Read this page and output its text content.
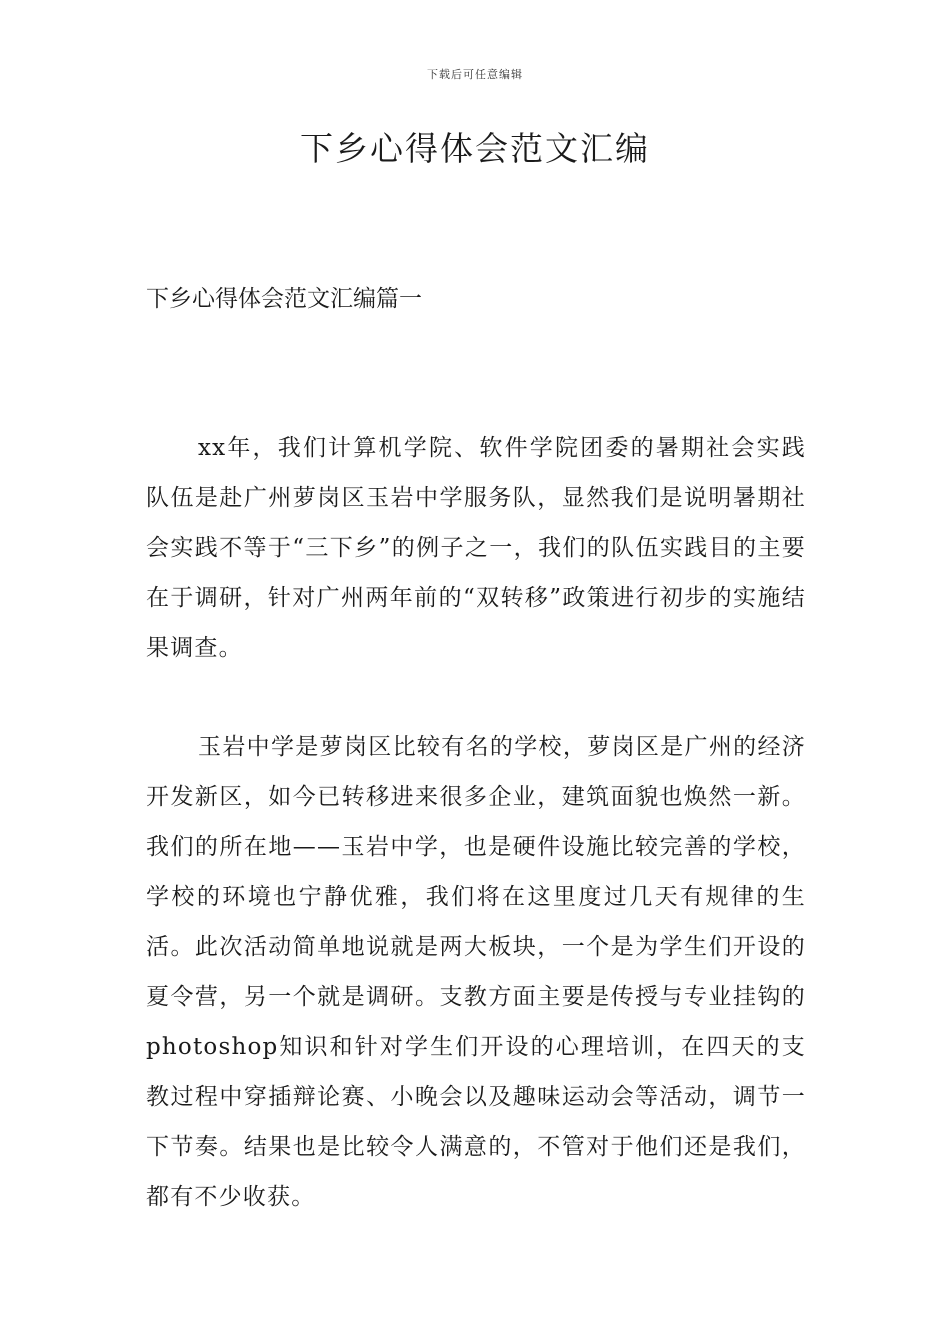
下载后可任意编辑
下乡心得体会范文汇编
下乡心得体会范文汇编篇一

xx年，我们计算机学院、软件学院团委的暑期社会实践队伍是赴广州萝岗区玉岩中学服务队，显然我们是说明暑期社会实践不等于“三下乡”的例子之一，我们的队伍实践目的主要在于调研，针对广州两年前的“双转移”政策进行初步的实施结果调查。

玉岩中学是萝岗区比较有名的学校，萝岗区是广州的经济开发新区，如今已转移进来很多企业，建筑面貌也焕然一新。我们的所在地——玉岩中学，也是硬件设施比较完善的学校，学校的环境也宁静优雅，我们将在这里度过几天有规律的生活。此次活动简单地说就是两大板块，一个是为学生们开设的夏令营，另一个就是调研。支教方面主要是传授与专业挂钩的photoshop知识和针对学生们开设的心理培训，在四天的支教过程中穿插辩论赛、小晚会以及趣味运动会等活动，调节一下节奏。结果也是比较令人满意的，不管对于他们还是我们，都有不少收获。
